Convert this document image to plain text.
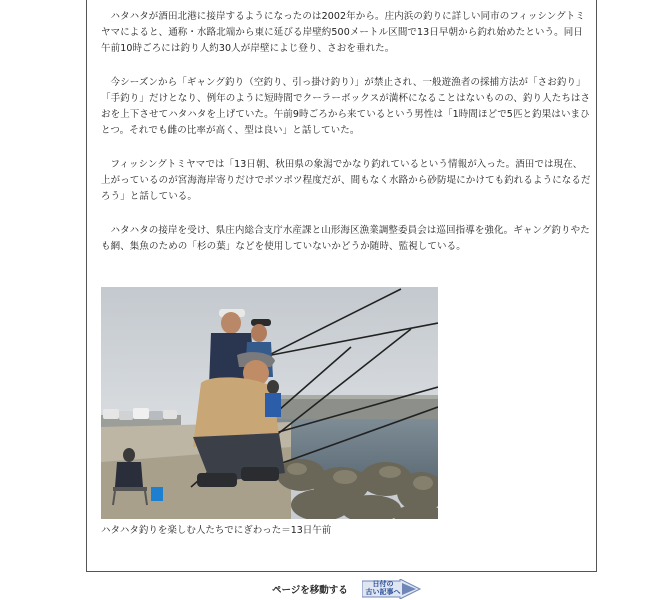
ハタハタが酒田北港に接岸するようになったのは2002年から。庄内浜の釣りに詳しい同市のフィッシングトミヤマによると、通称・水路北端から東に延びる岸壁約500メートル区間で13日早朝から釣れ始めたという。同日午前10時ごろには釣り人約30人が岸壁によじ登り、さおを垂れた。

今シーズンから「ギャング釣り（空釣り、引っ掛け釣り）」が禁止され、一般遊漁者の採捕方法が「さお釣り」「手釣り」だけとなり、例年のように短時間でクーラーボックスが満杯になることはないものの、釣り人たちはさおを上下させてハタハタを上げていた。午前9時ごろから来ているという男性は「1時間ほどで5匹と釣果はいまひとつ。それでも雌の比率が高く、型は良い」と話していた。

フィッシングトミヤマでは「13日朝、秋田県の象潟でかなり釣れているという情報が入った。酒田では現在、上がっているのが宮海海岸寄りだけでポツポツ程度だが、間もなく水路から砂防堤にかけても釣れるようになるだろう」と話している。

ハタハタの接岸を受け、県庄内総合支庁水産課と山形海区漁業調整委員会は巡回指導を強化。ギャング釣りやたも網、集魚のための「杉の葉」などを使用していないかどうか随時、監視している。

ハタハタ釣りを楽しむ人たちでにぎわった＝13日午前
ページを移動する
日付の
古い記事へ
